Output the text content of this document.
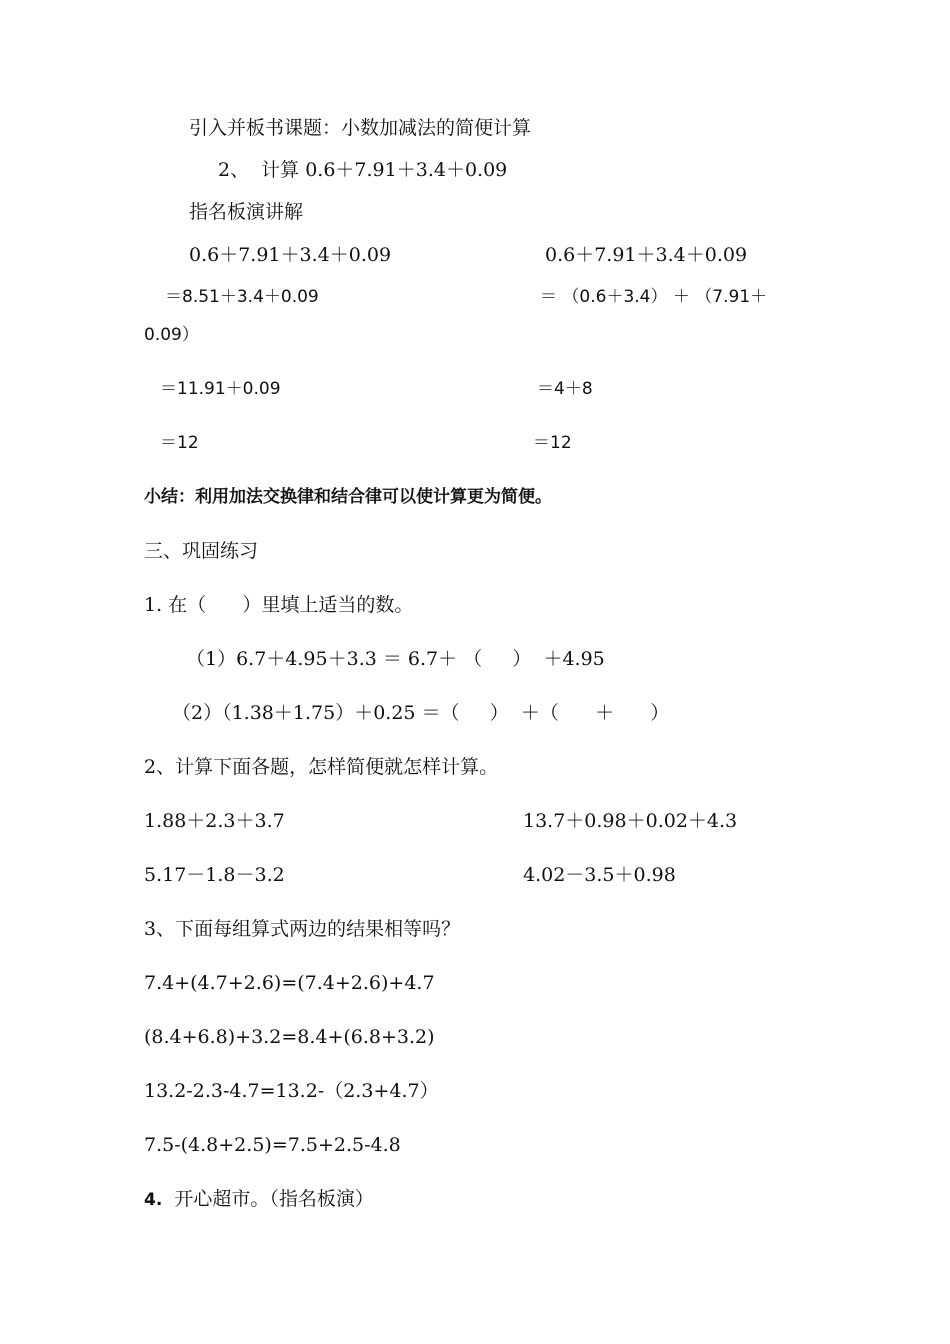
引入并板书课题：小数加减法的简便计算
2、  计算 0.6＋7.91＋3.4＋0.09
指名板演讲解
0.6＋7.91＋3.4＋0.09	0.6＋7.91＋3.4＋0.09
＝8.51＋3.4＋0.09	＝ （0.6＋3.4） ＋ （7.91＋
0.09）
＝11.91＋0.09	＝4＋8
＝12	＝12
小结：利用加法交换律和结合律可以使计算更为简便。
三、巩固练习
1. 在（      ）里填上适当的数。
（1）6.7＋4.95＋3.3 ＝ 6.7＋ （     ）  ＋4.95
（2）（1.38＋1.75）＋0.25 ＝（     ）  ＋（      ＋      ）
2、计算下面各题，怎样简便就怎样计算。
1.88＋2.3＋3.7	13.7＋0.98＋0.02＋4.3
5.17－1.8－3.2	4.02－3.5＋0.98
3、下面每组算式两边的结果相等吗？
7.4+(4.7+2.6)=(7.4+2.6)+4.7
(8.4+6.8)+3.2=8.4+(6.8+3.2)
13.2-2.3-4.7=13.2-（2.3+4.7）
7.5-(4.8+2.5)=7.5+2.5-4.8
4. 开心超市。（指名板演）
